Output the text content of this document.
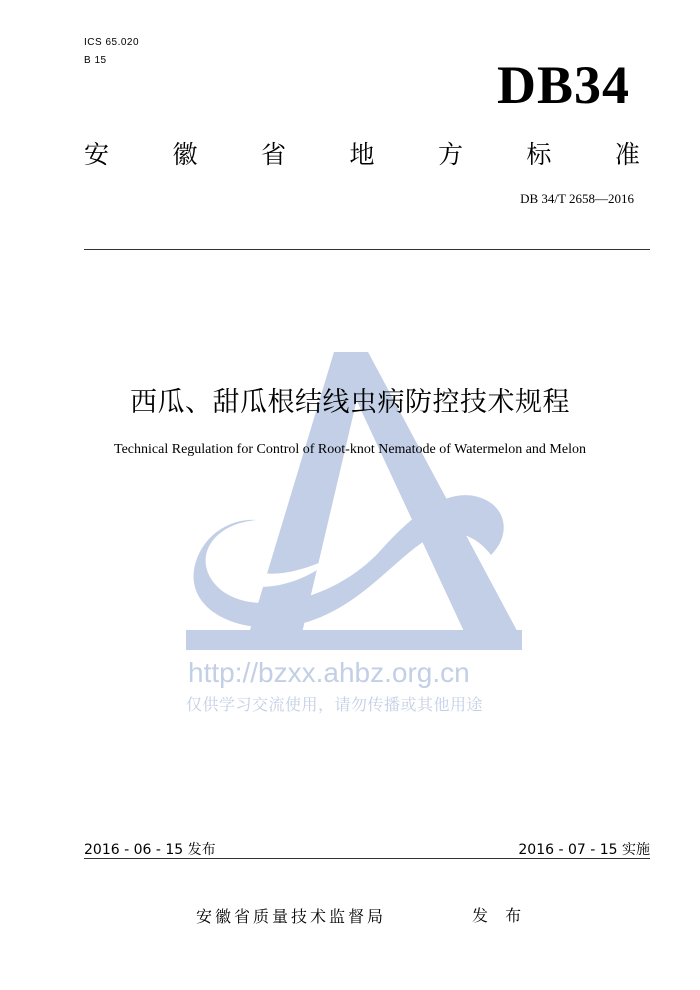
ICS 65.020
B 15	DB34
安	徽	省	地	方	标	准
DB 34/T 2658—2016
http://bzxx.ahbz.org.cn
仅供学习交流使用，请勿传播或其他用途
西瓜、甜瓜根结线虫病防控技术规程
Technical Regulation for Control of Root-knot Nematode of Watermelon and Melon
2016 - 06 - 15 发布	2016 - 07 - 15 实施
安徽省质量技术监督局	发 布
